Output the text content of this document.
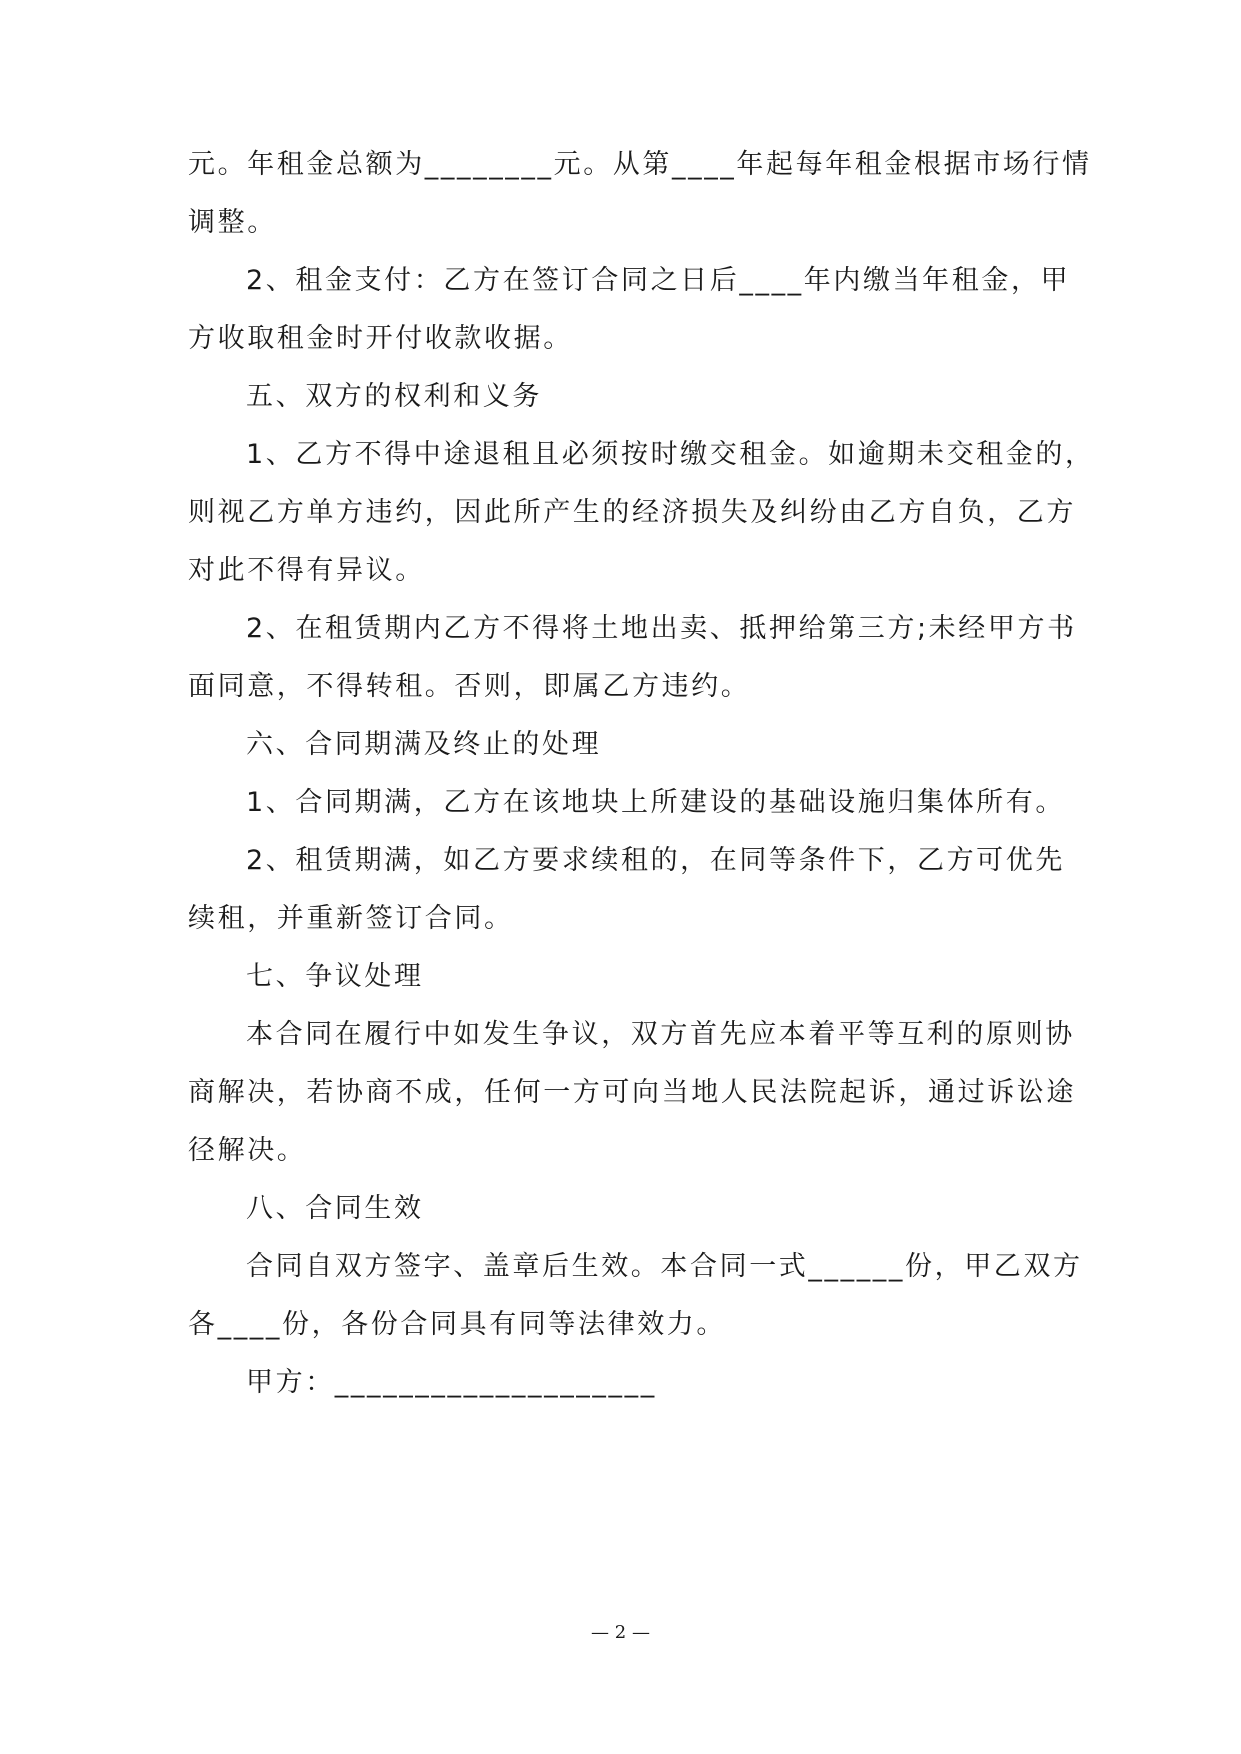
元。年租金总额为________元。从第____年起每年租金根据市场行情
调整。
2、租金支付：乙方在签订合同之日后____年内缴当年租金，甲
方收取租金时开付收款收据。
五、双方的权利和义务
1、乙方不得中途退租且必须按时缴交租金。如逾期未交租金的，
则视乙方单方违约，因此所产生的经济损失及纠纷由乙方自负，乙方
对此不得有异议。
2、在租赁期内乙方不得将土地出卖、抵押给第三方;未经甲方书
面同意，不得转租。否则，即属乙方违约。
六、合同期满及终止的处理
1、合同期满，乙方在该地块上所建设的基础设施归集体所有。
2、租赁期满，如乙方要求续租的，在同等条件下，乙方可优先
续租，并重新签订合同。
七、争议处理
本合同在履行中如发生争议，双方首先应本着平等互利的原则协
商解决，若协商不成，任何一方可向当地人民法院起诉，通过诉讼途
径解决。
八、合同生效
合同自双方签字、盖章后生效。本合同一式______份，甲乙双方
各____份，各份合同具有同等法律效力。
甲方：____________________
— 2 —
